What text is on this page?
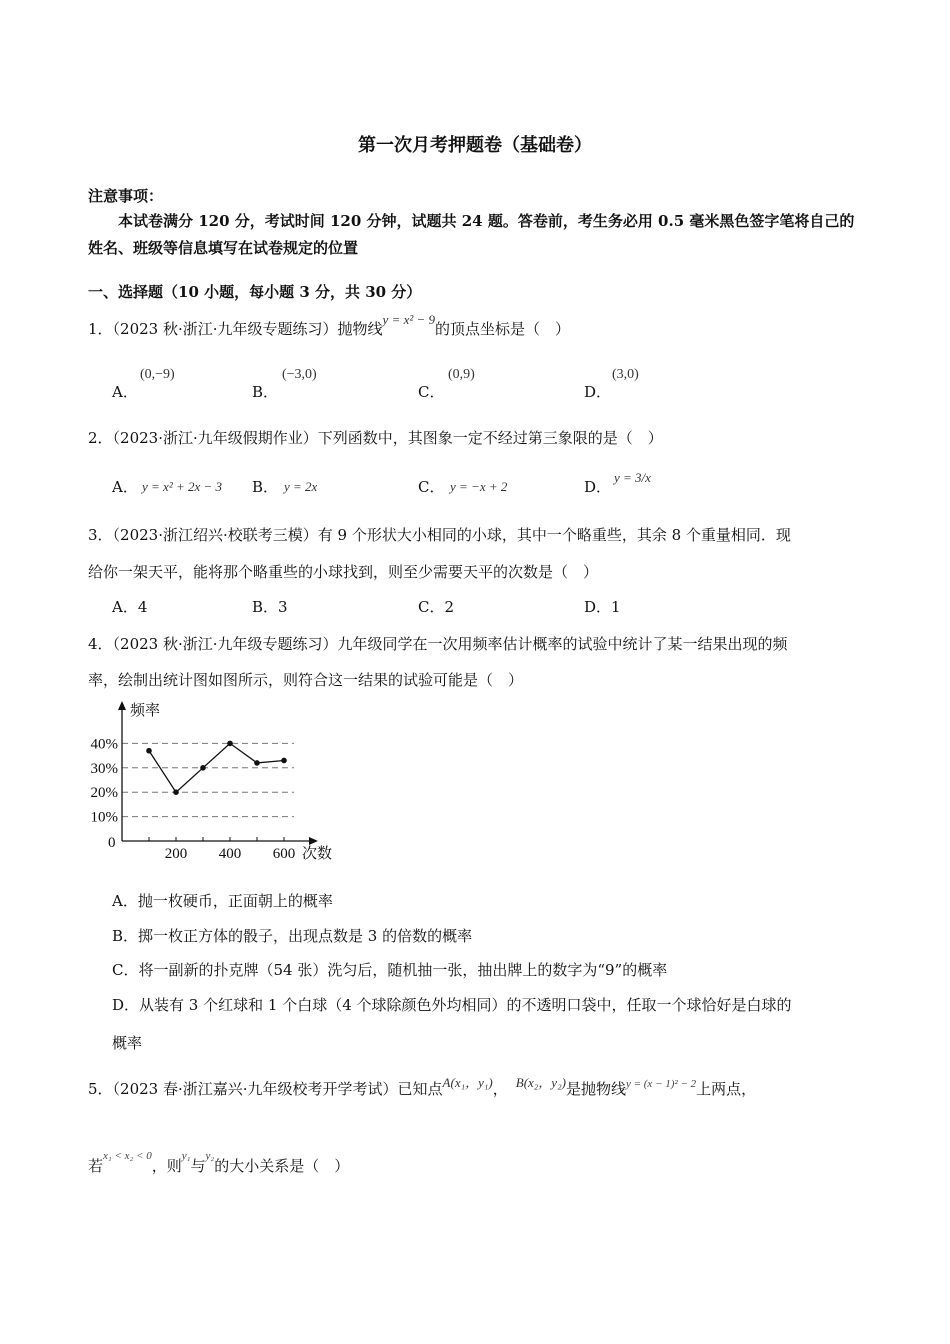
第一次月考押题卷（基础卷）
注意事项：
本试卷满分 120 分，考试时间 120 分钟，试题共 24 题。答卷前，考生务必用 0.5 毫米黑色签字笔将自己的姓名、班级等信息填写在试卷规定的位置
一、选择题（10 小题，每小题 3 分，共 30 分）
1．（2023 秋·浙江·九年级专题练习）抛物线y = x² − 9的顶点坐标是（　）
A．
(0,−9)
B．
(−3,0)
C．
(0,9)
D．
(3,0)
2．（2023·浙江·九年级假期作业）下列函数中，其图象一定不经过第三象限的是（　）
A． y = x² + 2x − 3 B． y = 2x	C． y = −x + 2	D．
y = 3/x
3．（2023·浙江绍兴·校联考三模）有 9 个形状大小相同的小球，其中一个略重些，其余 8 个重量相同．现
给你一架天平，能将那个略重些的小球找到，则至少需要天平的次数是（　）
A．4	B．3	C．2	D．1
4．（2023 秋·浙江·九年级专题练习）九年级同学在一次用频率估计概率的试验中统计了某一结果出现的频
率，绘制出统计图如图所示，则符合这一结果的试验可能是（　）
频率
次数
0
10%
20%
30%
40%
200 400 600
A．抛一枚硬币，正面朝上的概率
B．掷一枚正方体的骰子，出现点数是 3 的倍数的概率
C．将一副新的扑克牌（54 张）洗匀后，随机抽一张，抽出牌上的数字为“9”的概率
D．从装有 3 个红球和 1 个白球（4 个球除颜色外均相同）的不透明口袋中，任取一个球恰好是白球的
概率
5．（2023 春·浙江嘉兴·九年级校考开学考试）已知点A(x₁，y₁)， B(x₂，y₂)是抛物线$^{y = (x - 1)^2 - 2}$上两点，
若$^{x_1 < x_2 < 0}$，则$^{y_1}$与$^{y_2}$的大小关系是（　）
